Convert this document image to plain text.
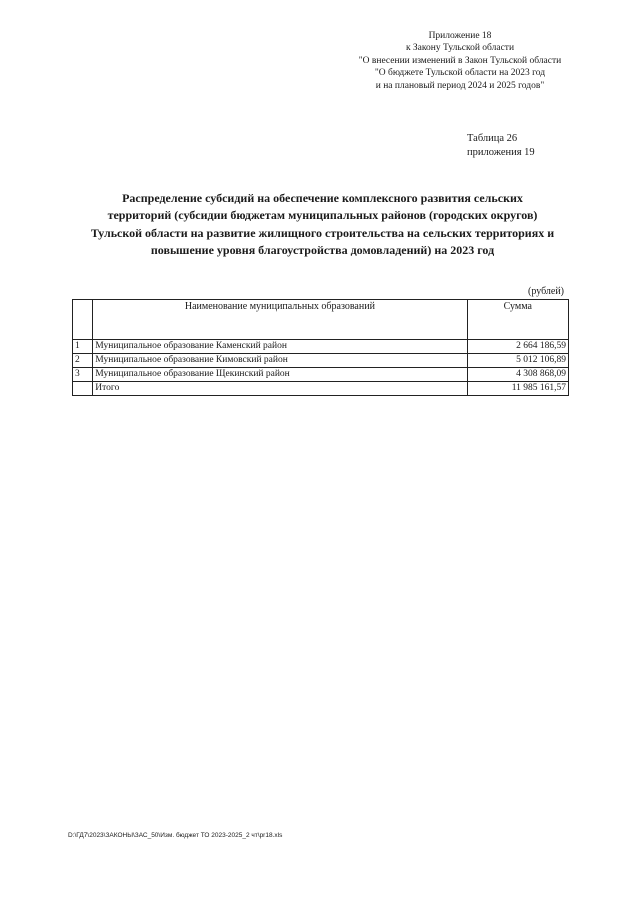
Приложение 18
к Закону Тульской области
"О внесении изменений в Закон Тульской области
"О бюджете Тульской области на 2023 год
и на плановый период 2024 и 2025 годов"
Таблица 26
приложения 19
Распределение субсидий на обеспечение комплексного развития сельских
территорий (субсидии бюджетам муниципальных районов (городских округов)
Тульской области на развитие жилищного строительства на сельских территориях и
повышение уровня благоустройства домовладений) на 2023 год
(рублей)
	Наименование муниципальных образований	Сумма
1	Муниципальное образование Каменский район	2 664 186,59
2	Муниципальное образование Кимовский район	5 012 106,89
3	Муниципальное образование Щекинский район	4 308 868,09
	Итого	11 985 161,57
D:\ГД7\2023\ЗАКОНЫ\ЗАС_50\Изм. бюджет ТО 2023-2025_2 чт\pr18.xls
